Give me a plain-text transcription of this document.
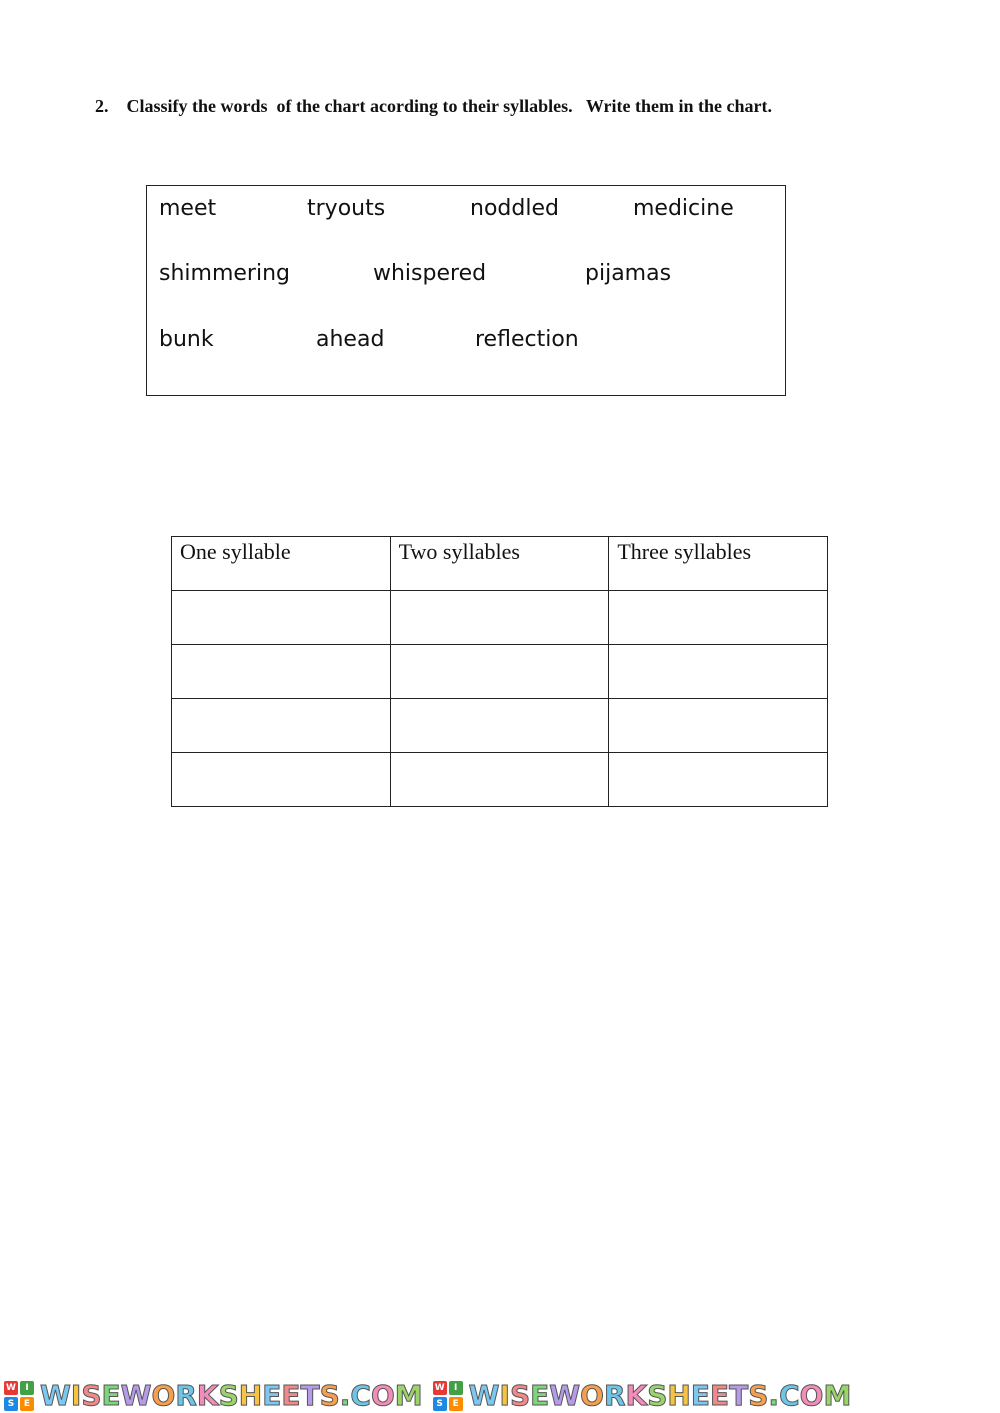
2.    Classify the words  of the chart acording to their syllables.   Write them in the chart.
meet	tryouts	noddled	medicine
shimmering	whispered	pijamas
bunk	ahead	reflection
One syllable	Two syllables	Three syllables

W	I
S	E WISEWORKSHEETS.COM W	I
S	E WISEWORKSHEETS.COM
